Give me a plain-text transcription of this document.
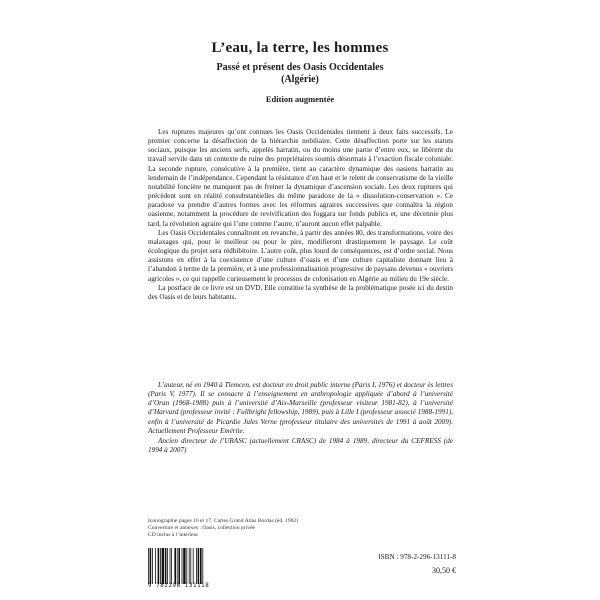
L’eau, la terre, les hommes
Passé et présent des Oasis Occidentales
(Algérie)
Edition augmentée

Les ruptures majeures qu’ont connues les Oasis Occidentales tiennent à deux faits successifs. Le premier concerne la désaffection de la hiérarchie nobiliaire. Cette désaffection porte sur les statuts sociaux, puisque les anciens serfs, appelés harratin, ou du moins une partie d’entre eux, se libèrent du travail servile dans un contexte de ruine des propriétaires soumis désormais à l’exaction fiscale coloniale. La seconde rupture, consécutive à la première, tient au caractère dynamique des oasiens harratin au lendemain de l’indépendance. Cependant la résistance d’en haut et le relent de conservatisme de la vieille notabilité foncière ne manquent pas de freiner la dynamique d’ascension sociale. Les deux ruptures qui précèdent sont en réalité consubstantielles du même paradoxe de la « dissolution-conservation ». Ce paradoxe va prendre d’autres formes avec les réformes agraires successives que connaîtra la région oasienne, notamment la procédure de revivification des foggara sur fonds publics et, une décennie plus tard, la révolution agraire qui l’une comme l’autre, n’auront aucun effet palpable.

Les Oasis Occidentales connaîtront en revanche, à partir des années 80, des transformations, voire des malaxages qui, pour le meilleur ou pour le pire, modifieront drastiquement le paysage. Le coût écologique du projet sera rédhibitoire. L’autre coût, plus lourd de conséquences, est d’ordre social. Nous assistons en effet à la coexistence d’une culture d’oasis et d’une culture capitaliste donnant lieu à l’abandon à terme de la première, et à une professionnalisation progressive de paysans devenus « ouvriers agricoles », ce qui rappelle curieusement le processus de colonisation en Algérie au milieu du 19e siècle.

La postface de ce livre est un DVD. Elle constitue la synthèse de la problématique posée ici du destin des Oasis et de leurs habitants.

L’auteur, né en 1940 à Tlemcen, est docteur en droit public interne (Paris I, 1976) et docteur ès lettres (Paris V, 1977). Il se consacre à l’enseignement en anthropologie appliquée d’abord à l’université d’Oran (1968-1988) puis à l’université d’Aix-Marseille (professeur visiteur 1981-82), à l’université d’Harvard (professeur invité : Fullbright fellowship, 1989), puis à Lille I (professeur associé 1988-1991), enfin à l’université de Picardie Jules Verne (professeur titulaire des universités de 1991 à août 2009). Actuellement Professeur Emérite.

Ancien directeur de l’URASC (actuellement CRASC) de 1984 à 1989, directeur du CEFRESS (de 1994 à 2007)

Iconographie pages 16 et 17. Cartes Grand Atlas Bordas (éd. 1982)
Couverture et annexes : Oasis, collection privée
CD inclus à l’intérieur
9 782296 131118
ISBN : 978-2-296-13111-8
30,50 €
